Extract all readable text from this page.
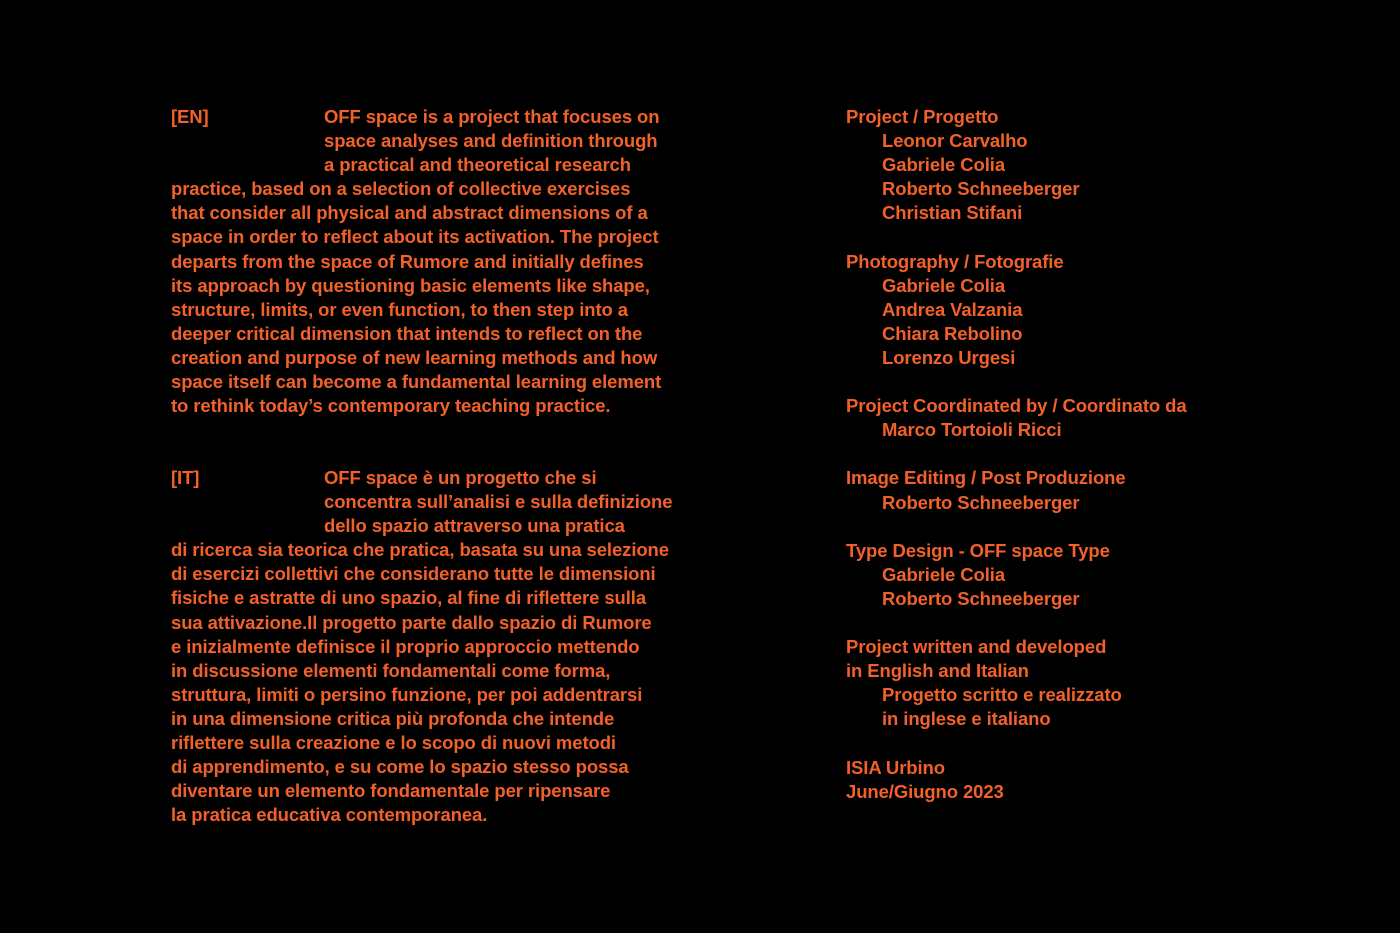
[EN]	OFF space is a project that focuses on
space analyses and definition through
a practical and theoretical research
practice, based on a selection of collective exercises
that consider all physical and abstract dimensions of a
space in order to reflect about its activation. The project
departs from the space of Rumore and initially defines
its approach by questioning basic elements like shape,
structure, limits, or even function, to then step into a
deeper critical dimension that intends to reflect on the
creation and purpose of new learning methods and how
space itself can become a fundamental learning element
to rethink today’s contemporary teaching practice.
[IT]	OFF space è un progetto che si
concentra sull’analisi e sulla definizione
dello spazio attraverso una pratica
di ricerca sia teorica che pratica, basata su una selezione
di esercizi collettivi che considerano tutte le dimensioni
fisiche e astratte di uno spazio, al fine di riflettere sulla
sua attivazione.Il progetto parte dallo spazio di Rumore
e inizialmente definisce il proprio approccio mettendo
in discussione elementi fondamentali come forma,
struttura, limiti o persino funzione, per poi addentrarsi
in una dimensione critica più profonda che intende
riflettere sulla creazione e lo scopo di nuovi metodi
di apprendimento, e su come lo spazio stesso possa
diventare un elemento fondamentale per ripensare
la pratica educativa contemporanea.
Project / Progetto
Leonor Carvalho
Gabriele Colia
Roberto Schneeberger
Christian Stifani
Photography / Fotografie
Gabriele Colia
Andrea Valzania
Chiara Rebolino
Lorenzo Urgesi
Project Coordinated by / Coordinato da
Marco Tortoioli Ricci
Image Editing / Post Produzione
Roberto Schneeberger
Type Design - OFF space Type
Gabriele Colia
Roberto Schneeberger
Project written and developed
in English and Italian
Progetto scritto e realizzato
in inglese e italiano
ISIA Urbino
June/Giugno 2023
